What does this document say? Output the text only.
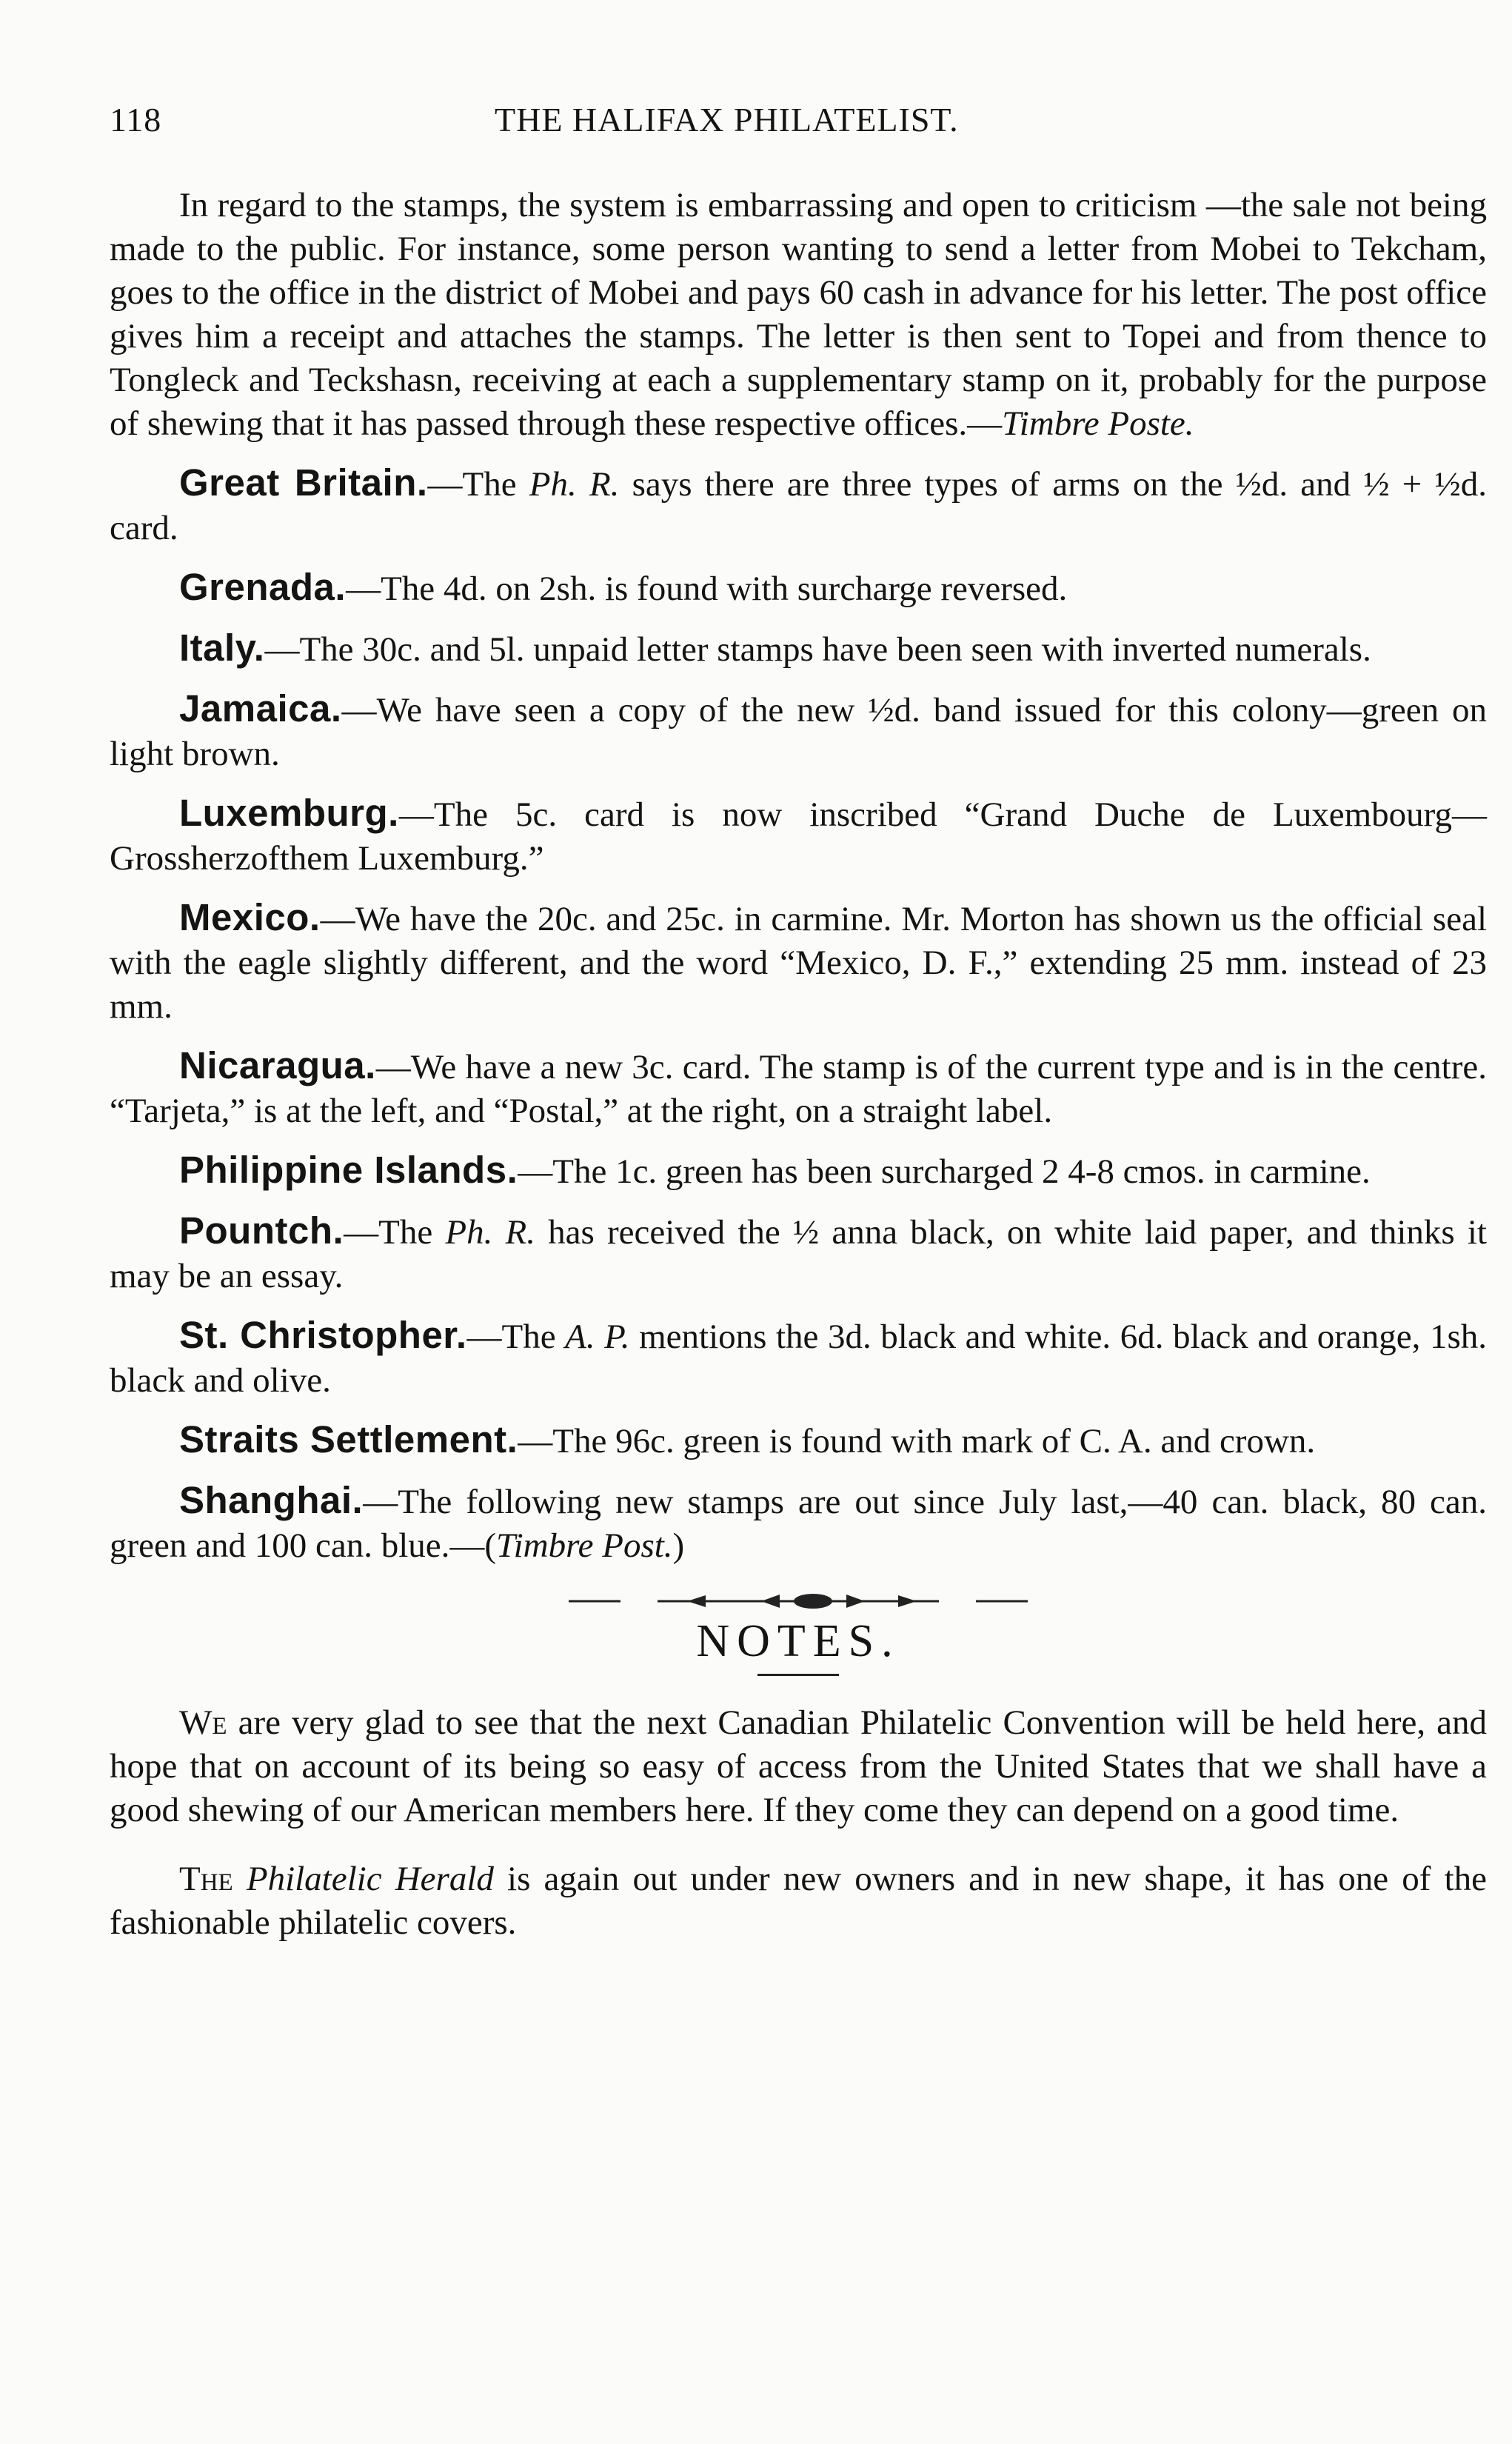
118	THE HALIFAX PHILATELIST.

In regard to the stamps, the system is embarrassing and open to criticism —the sale not being made to the public. For instance, some person wanting to send a letter from Mobei to Tekcham, goes to the office in the district of Mobei and pays 60 cash in advance for his letter. The post office gives him a receipt and attaches the stamps. The letter is then sent to Topei and from thence to Tongleck and Teckshasn, receiving at each a supplementary stamp on it, probably for the purpose of shewing that it has passed through these respective offices.—Timbre Poste.

Great Britain.—The Ph. R. says there are three types of arms on the ½d. and ½ + ½d. card.

Grenada.—The 4d. on 2sh. is found with surcharge reversed.

Italy.—The 30c. and 5l. unpaid letter stamps have been seen with inverted numerals.

Jamaica.—We have seen a copy of the new ½d. band issued for this colony—green on light brown.

Luxemburg.—The 5c. card is now inscribed “Grand Duche de Luxembourg—Grossherzofthem Luxemburg.”

Mexico.—We have the 20c. and 25c. in carmine. Mr. Morton has shown us the official seal with the eagle slightly different, and the word “Mexico, D. F.,” extending 25 mm. instead of 23 mm.

Nicaragua.—We have a new 3c. card. The stamp is of the current type and is in the centre. “Tarjeta,” is at the left, and “Postal,” at the right, on a straight label.

Philippine Islands.—The 1c. green has been surcharged 2 4-8 cmos. in carmine.

Pountch.—The Ph. R. has received the ½ anna black, on white laid paper, and thinks it may be an essay.

St. Christopher.—The A. P. mentions the 3d. black and white. 6d. black and orange, 1sh. black and olive.

Straits Settlement.—The 96c. green is found with mark of C. A. and crown.

Shanghai.—The following new stamps are out since July last,—40 can. black, 80 can. green and 100 can. blue.—(Timbre Post.)

NOTES.

We are very glad to see that the next Canadian Philatelic Convention will be held here, and hope that on account of its being so easy of access from the United States that we shall have a good shewing of our American members here. If they come they can depend on a good time.

The Philatelic Herald is again out under new owners and in new shape, it has one of the fashionable philatelic covers.
